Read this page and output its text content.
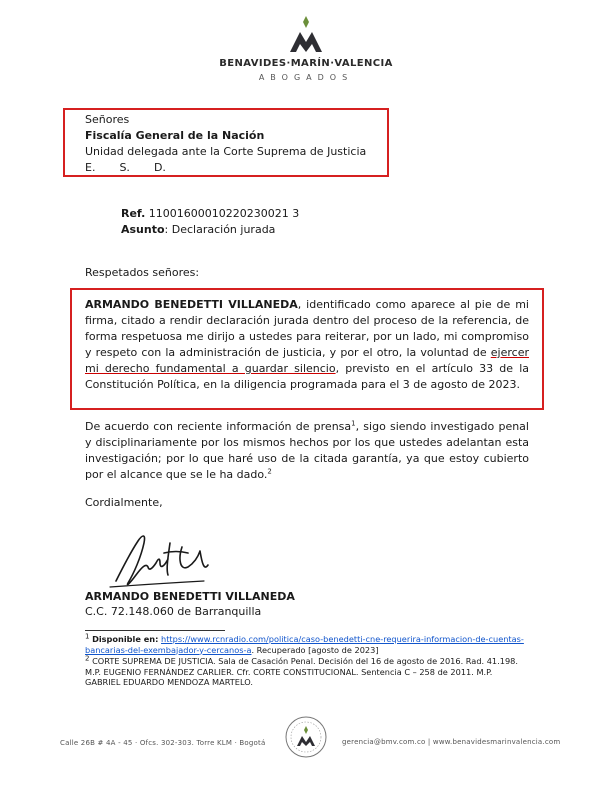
BENAVIDES·MARÍN·VALENCIA
ABOGADOS
Señores
Fiscalía General de la Nación
Unidad delegada ante la Corte Suprema de Justicia
E. S. D.
Ref. 11001600010220230021 3
Asunto: Declaración jurada
Respetados señores:
ARMANDO BENEDETTI VILLANEDA, identificado como aparece al pie de mi firma, citado a rendir declaración jurada dentro del proceso de la referencia, de forma respetuosa me dirijo a ustedes para reiterar, por un lado, mi compromiso y respeto con la administración de justicia, y por el otro, la voluntad de ejercer mi derecho fundamental a guardar silencio, previsto en el artículo 33 de la Constitución Política, en la diligencia programada para el 3 de agosto de 2023.
De acuerdo con reciente información de prensa$^1$, sigo siendo investigado penal y disciplinariamente por los mismos hechos por los que ustedes adelantan esta investigación; por lo que haré uso de la citada garantía, ya que estoy cubierto por el alcance que se le ha dado.$^2$
Cordialmente,
ARMANDO BENEDETTI VILLANEDA
C.C. 72.148.060 de Barranquilla
$^1$ Disponible en: https://www.rcnradio.com/politica/caso-benedetti-cne-requerira-informacion-de-cuentas-bancarias-del-exembajador-y-cercanos-a. Recuperado [agosto de 2023]
$^2$ CORTE SUPREMA DE JUSTICIA. Sala de Casación Penal. Decisión del 16 de agosto de 2016. Rad. 41.198. M.P. EUGENIO FERNÁNDEZ CARLIER. Cfr. CORTE CONSTITUCIONAL. Sentencia C – 258 de 2011. M.P. GABRIEL EDUARDO MENDOZA MARTELO.
Calle 26B # 4A - 45 · Ofcs. 302-303. Torre KLM · Bogotá	gerencia@bmv.com.co | www.benavidesmarinvalencia.com
